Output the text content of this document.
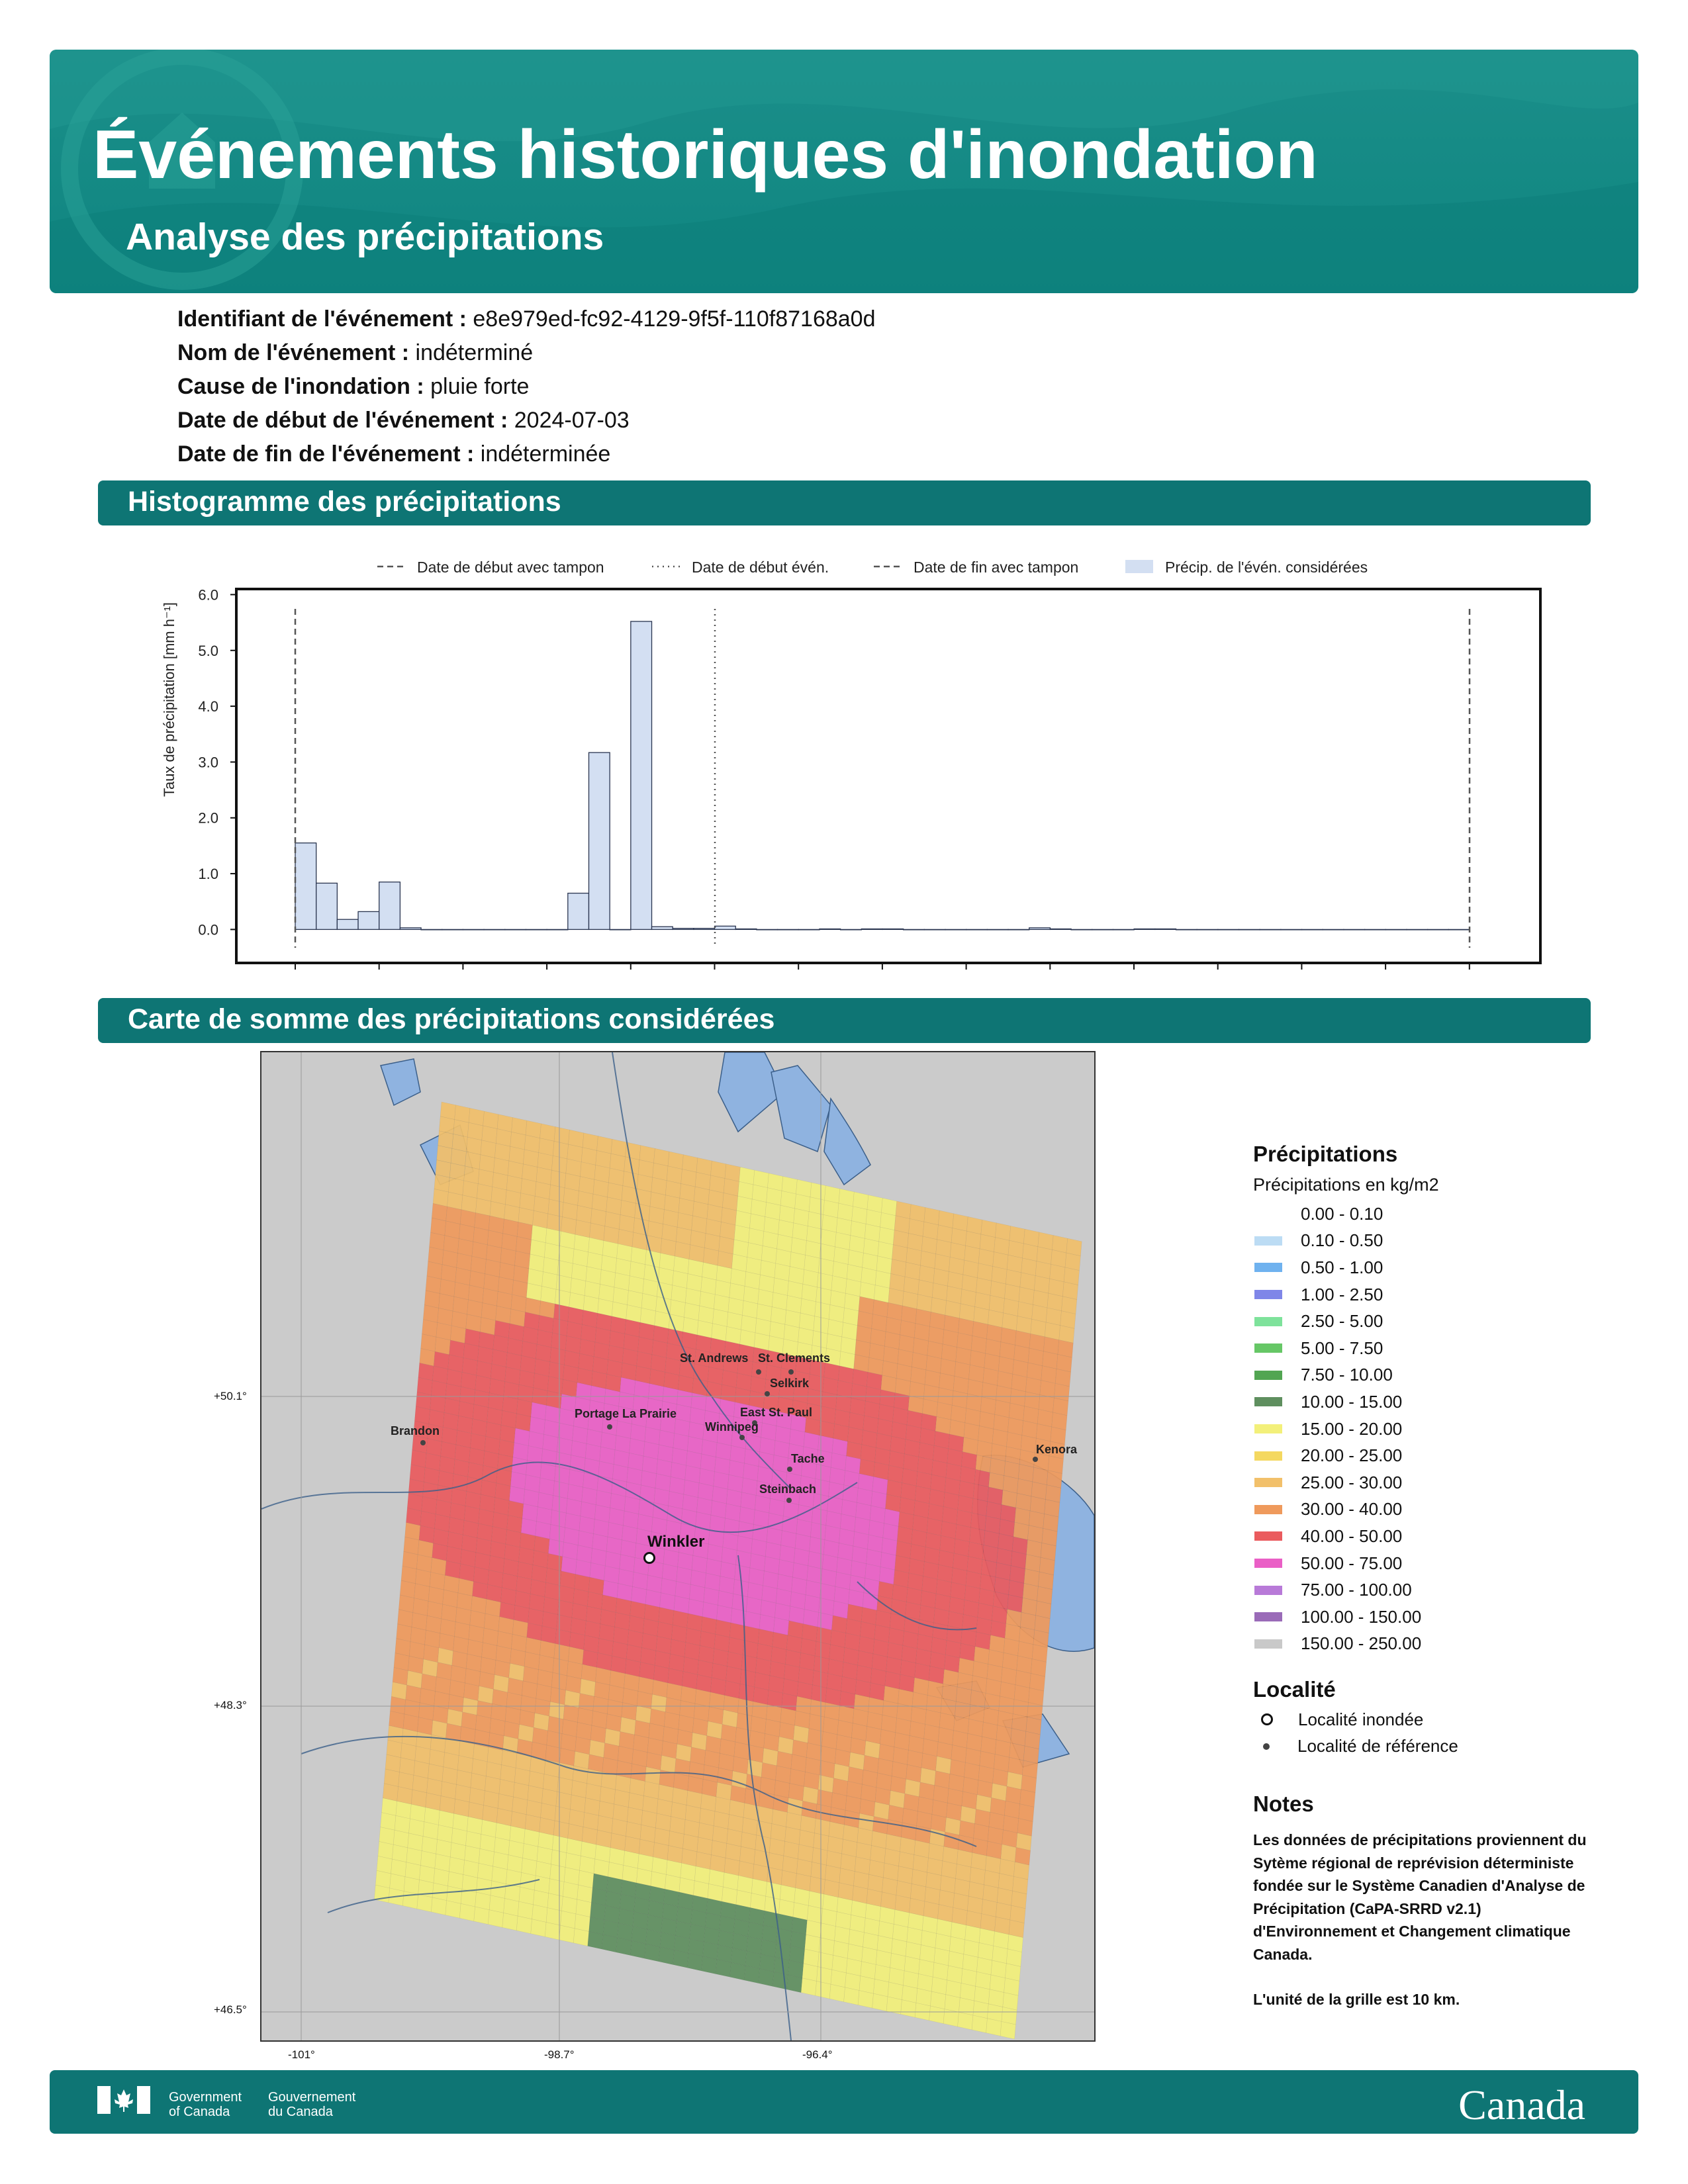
Événements historiques d'inondation
Analyse des précipitations
Identifiant de l'événement : e8e979ed-fc92-4129-9f5f-110f87168a0d
Nom de l'événement : indéterminé
Cause de l'inondation : pluie forte
Date de début de l'événement : 2024-07-03
Date de fin de l'événement : indéterminée
Histogramme des précipitations
Date de début avec tampon	Date de début évén.	Date de fin avec tampon	Précip. de l'évén. considérées
Taux de précipitation [mm h⁻¹]
6.0
5.0
4.0
3.0
2.0
1.0
0.0
Carte de somme des précipitations considérées
St. Andrews St. Clements
Selkirk
Portage La Prairie	East St. Paul
Winnipeg
Brandon
Tache
Steinbach
Kenora
Winkler
+50.1°
+48.3°
+46.5°
-101°	-98.7°	-96.4°
Précipitations
Précipitations en kg/m2
0.00 - 0.10
0.10 - 0.50
0.50 - 1.00
1.00 - 2.50
2.50 - 5.00
5.00 - 7.50
7.50 - 10.00
10.00 - 15.00
15.00 - 20.00
20.00 - 25.00
25.00 - 30.00
30.00 - 40.00
40.00 - 50.00
50.00 - 75.00
75.00 - 100.00
100.00 - 150.00
150.00 - 250.00
Localité
Localité inondée
Localité de référence
Notes
Les données de précipitations proviennent du Sytème régional de reprévision déterministe fondée sur le Système Canadien d'Analyse de Précipitation (CaPA-SRRD v2.1) d'Environnement et Changement climatique Canada.
L'unité de la grille est 10 km.
Government
of Canada
Gouvernement
du Canada	Canada
